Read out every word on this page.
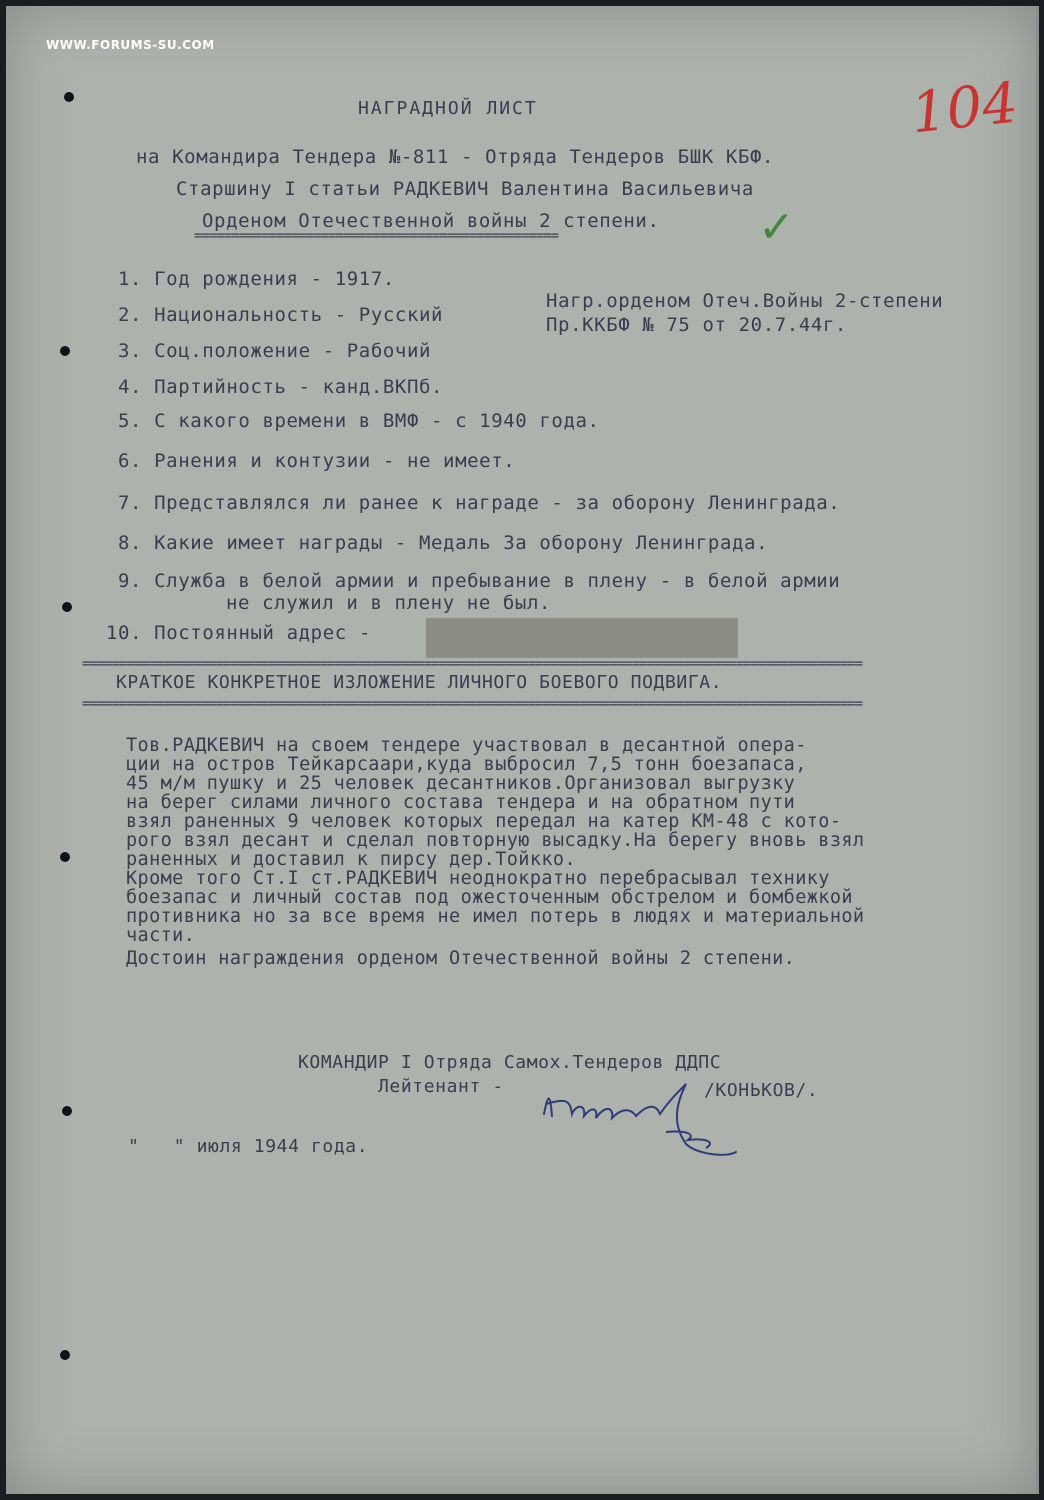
WWW.FORUMS-SU.COM
104
НАГРАДНОЙ ЛИСТ
на Командира Тендера №-811 - Отряда Тендеров БШК КБФ.
Старшину I статьи РАДКЕВИЧ Валентина Васильевича
Орденом Отечественной войны 2 степени.
=================================================	✓
1. Год рождения - 1917.
2. Национальность - Русский
3. Соц.положение - Рабочий
4. Партийность - канд.ВКПб.
5. С какого времени в ВМФ - с 1940 года.
6. Ранения и контузии - не имеет.
7. Представлялся ли ранее к награде - за оборону Ленинграда.
8. Какие имеет награды - Медаль За оборону Ленинграда.
9. Служба в белой армии и пребывание в плену - в белой армии
не служил и в плену не был.
10. Постоянный адрес -
Нагр.орденом Отеч.Войны 2-степени
Пр.ККБФ № 75 от 20.7.44г.
=========================================================================================================
КРАТКОЕ КОНКРЕТНОЕ ИЗЛОЖЕНИЕ ЛИЧНОГО БОЕВОГО ПОДВИГА.
=========================================================================================================
Тов.РАДКЕВИЧ на своем тендере участвовал в десантной опера-
ции на остров Тейкарсаари,куда выбросил 7,5 тонн боезапаса,
45 м/м пушку и 25 человек десантников.Организовал выгрузку
на берег силами личного состава тендера и на обратном пути
взял раненных 9 человек которых передал на катер КМ-48 с кото-
рого взял десант и сделал повторную высадку.На берегу вновь взял
раненных и доставил к пирсу дер.Тойкко.
Кроме того Ст.I ст.РАДКЕВИЧ неоднократно перебрасывал технику
боезапас и личный состав под ожесточенным обстрелом и бомбежкой
противника но за все время не имел потерь в людях и материальной
части.
Достоин награждения орденом Отечественной войны 2 степени.
КОМАНДИР I Отряда Самох.Тендеров ДДПС
Лейтенант -	/КОНЬКОВ/.
"   " июля 1944 года.
